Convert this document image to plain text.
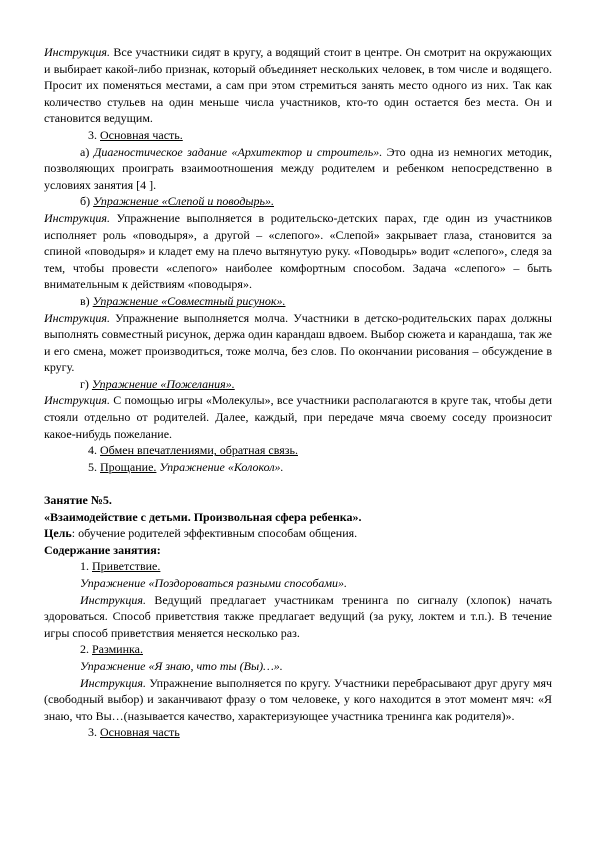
Инструкция. Все участники сидят в кругу, а водящий стоит в центре. Он смотрит на окружающих и выбирает какой-либо признак, который объединяет нескольких человек, в том числе и водящего. Просит их поменяться местами, а сам при этом стремиться занять место одного из них. Так как количество стульев на один меньше числа участников, кто-то один остается без места. Он и становится ведущим.

3. Основная часть.

а) Диагностическое задание «Архитектор и строитель». Это одна из немногих методик, позволяющих проиграть взаимоотношения между родителем и ребенком непосредственно в условиях занятия [4 ].

б) Упражнение «Слепой и поводырь».

Инструкция. Упражнение выполняется в родительско-детских парах, где один из участников исполняет роль «поводыря», а другой – «слепого». «Слепой» закрывает глаза, становится за спиной «поводыря» и кладет ему на плечо вытянутую руку. «Поводырь» водит «слепого», следя за тем, чтобы провести «слепого» наиболее комфортным способом. Задача «слепого» – быть внимательным к действиям «поводыря».

в) Упражнение «Совместный рисунок».

Инструкция. Упражнение выполняется молча. Участники в детско-родительских парах должны выполнять совместный рисунок, держа один карандаш вдвоем. Выбор сюжета и карандаша, так же и его смена, может производиться, тоже молча, без слов. По окончании рисования – обсуждение в кругу.

г) Упражнение «Пожелания».

Инструкция. С помощью игры «Молекулы», все участники располагаются в круге так, чтобы дети стояли отдельно от родителей. Далее, каждый, при передаче мяча своему соседу произносит какое-нибудь пожелание.

4. Обмен впечатлениями, обратная связь.

5. Прощание. Упражнение «Колокол».

Занятие №5.

«Взаимодействие с детьми. Произвольная сфера ребенка».

Цель: обучение родителей эффективным способам общения.

Содержание занятия:

1. Приветствие.

Упражнение «Поздороваться разными способами».

Инструкция. Ведущий предлагает участникам тренинга по сигналу (хлопок) начать здороваться. Способ приветствия также предлагает ведущий (за руку, локтем и т.п.). В течение игры способ приветствия меняется несколько раз.

2. Разминка.

Упражнение «Я знаю, что ты (Вы)…».

Инструкция. Упражнение выполняется по кругу. Участники перебрасывают друг другу мяч (свободный выбор) и заканчивают фразу о том человеке, у кого находится в этот момент мяч: «Я знаю, что Вы…(называется качество, характеризующее участника тренинга как родителя)».

3. Основная часть
